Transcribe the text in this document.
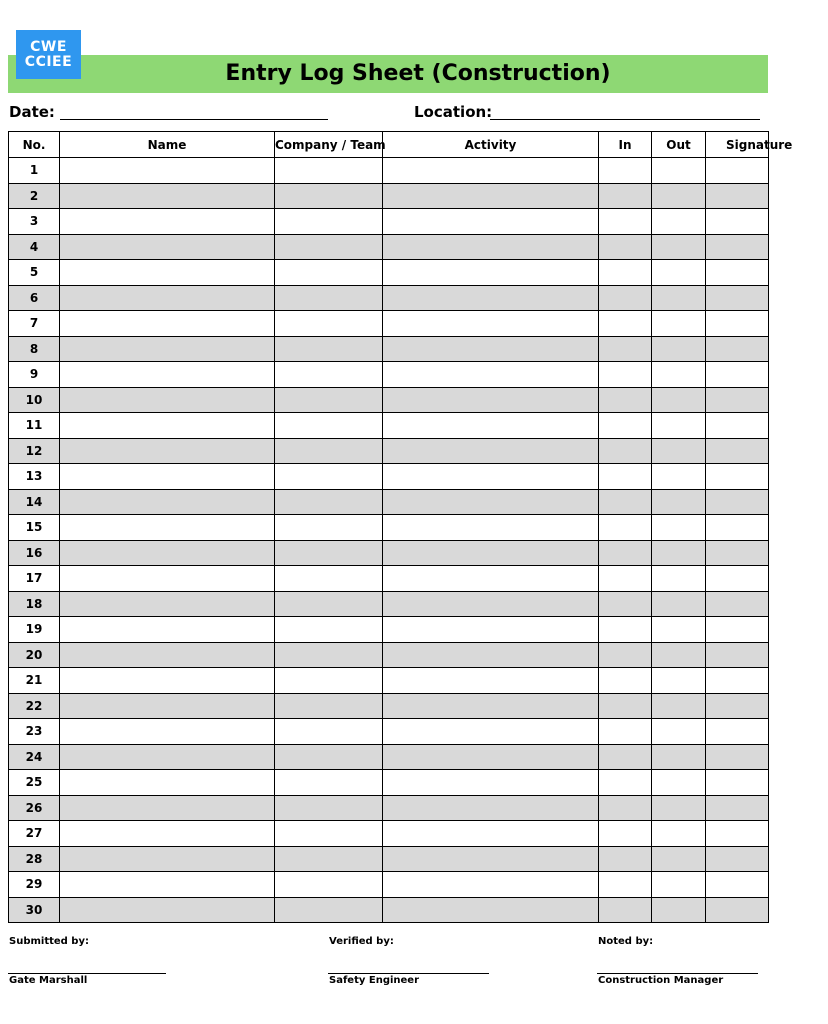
CWE
CCIEE	Entry Log Sheet (Construction)
Date:	Location:
No.	Name	Company / Team	Activity	In	Out	Signature
1						
2						
3						
4						
5						
6						
7						
8						
9						
10						
11						
12						
13						
14						
15						
16						
17						
18						
19						
20						
21						
22						
23						
24						
25						
26						
27						
28						
29						
30						
Submitted by:
Gate Marshall
Verified by:
Safety Engineer
Noted by:
Construction Manager
